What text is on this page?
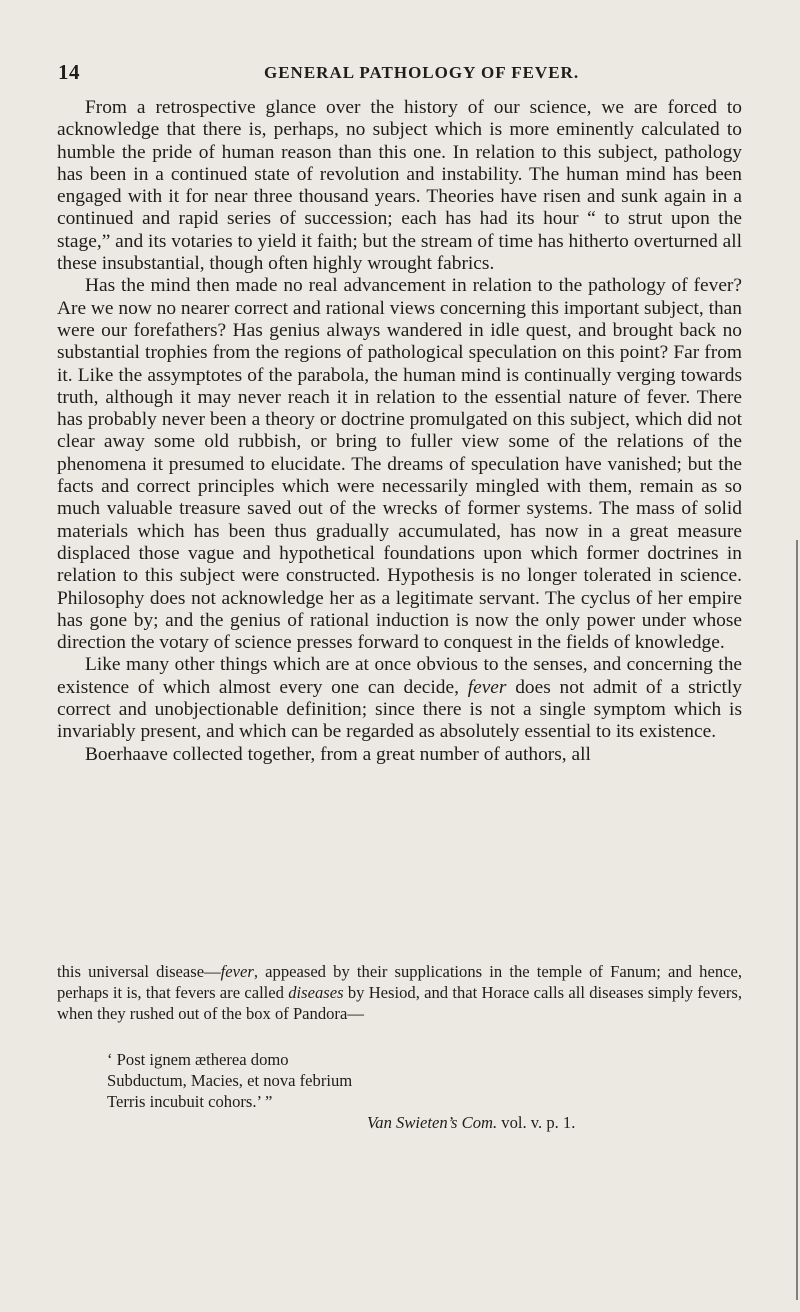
14	GENERAL PATHOLOGY OF FEVER.

From a retrospective glance over the history of our science, we are forced to acknowledge that there is, perhaps, no subject which is more eminently calculated to humble the pride of human reason than this one. In relation to this subject, pathology has been in a continued state of revolution and instability. The human mind has been engaged with it for near three thousand years. Theories have risen and sunk again in a continued and rapid series of succession; each has had its hour “ to strut upon the stage,” and its votaries to yield it faith; but the stream of time has hitherto overturned all these insubstantial, though often highly wrought fabrics.

Has the mind then made no real advancement in relation to the pathology of fever? Are we now no nearer correct and rational views concerning this important subject, than were our forefathers? Has genius always wandered in idle quest, and brought back no substantial trophies from the regions of pathological speculation on this point? Far from it. Like the assymptotes of the parabola, the human mind is continually verging towards truth, although it may never reach it in relation to the essential nature of fever. There has probably never been a theory or doctrine promulgated on this subject, which did not clear away some old rubbish, or bring to fuller view some of the relations of the phenomena it presumed to elucidate. The dreams of speculation have vanished; but the facts and correct principles which were necessarily mingled with them, remain as so much valuable treasure saved out of the wrecks of former systems. The mass of solid materials which has been thus gradually accumulated, has now in a great measure displaced those vague and hypothetical foundations upon which former doctrines in relation to this subject were constructed. Hypothesis is no longer tolerated in science. Philosophy does not acknowledge her as a legitimate servant. The cyclus of her empire has gone by; and the genius of rational induction is now the only power under whose direction the votary of science presses forward to conquest in the fields of knowledge.

Like many other things which are at once obvious to the senses, and concerning the existence of which almost every one can decide, fever does not admit of a strictly correct and unobjectionable definition; since there is not a single symptom which is invariably present, and which can be regarded as absolutely essential to its existence.

Boerhaave collected together, from a great number of authors, all

this universal disease—fever, appeased by their supplications in the temple of Fanum; and hence, perhaps it is, that fevers are called diseases by Hesiod, and that Horace calls all diseases simply fevers, when they rushed out of the box of Pandora—

‘ Post ignem ætherea domo
Subductum, Macies, et nova febrium
Terris incubuit cohors.’ ”
Van Swieten’s Com. vol. v. p. 1.
